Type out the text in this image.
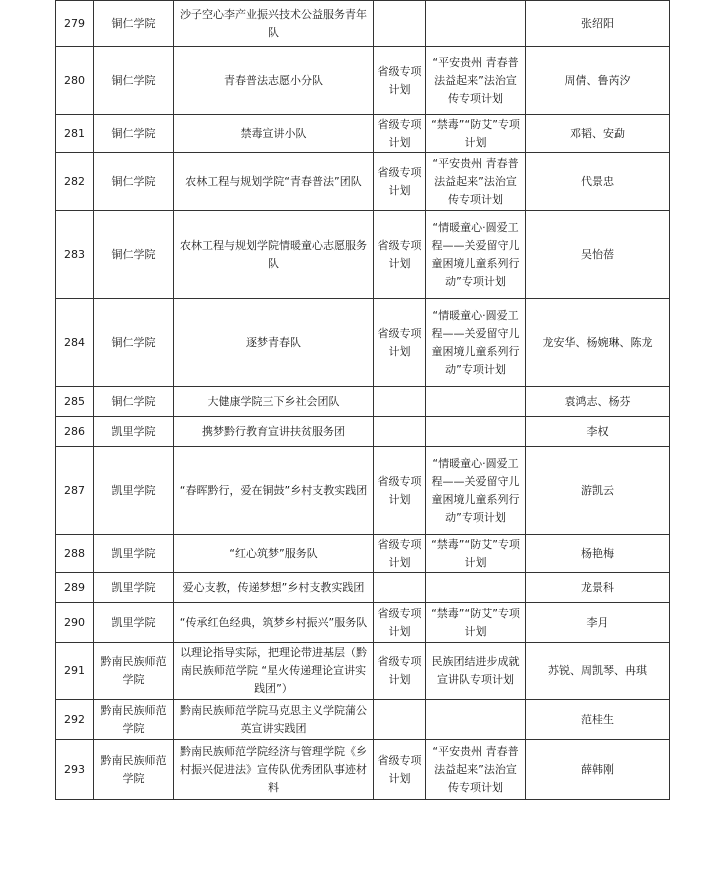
279	铜仁学院	沙子空心李产业振兴技术公益服务青年队			张绍阳
280	铜仁学院	青春普法志愿小分队	省级专项计划	“平安贵州 青春普法益起来”法治宣传专项计划	周倩、鲁芮汐
281	铜仁学院	禁毒宣讲小队	省级专项计划	“禁毒”“防艾”专项计划	邓韬、安勐
282	铜仁学院	农林工程与规划学院“青春普法”团队	省级专项计划	“平安贵州 青春普法益起来”法治宣传专项计划	代景忠
283	铜仁学院	农林工程与规划学院情暖童心志愿服务队	省级专项计划	“情暖童心·圆爱工程——关爱留守儿童困境儿童系列行动”专项计划	吴怡蓓
284	铜仁学院	逐梦青春队	省级专项计划	“情暖童心·圆爱工程——关爱留守儿童困境儿童系列行动”专项计划	龙安华、杨婉琳、陈龙
285	铜仁学院	大健康学院三下乡社会团队			袁鸿志、杨芬
286	凯里学院	携梦黔行教育宣讲扶贫服务团			李权
287	凯里学院	“春晖黔行，爱在铜鼓”乡村支教实践团	省级专项计划	“情暖童心·圆爱工程——关爱留守儿童困境儿童系列行动”专项计划	游凯云
288	凯里学院	“红心筑梦”服务队	省级专项计划	“禁毒”“防艾”专项计划	杨艳梅
289	凯里学院	爱心支教，传递梦想”乡村支教实践团			龙景科
290	凯里学院	“传承红色经典，筑梦乡村振兴”服务队	省级专项计划	“禁毒”“防艾”专项计划	李月
291	黔南民族师范学院	以理论指导实际，把理论带进基层（黔南民族师范学院 “星火传递理论宣讲实践团”）	省级专项计划	民族团结进步成就宣讲队专项计划	苏锐、周凯琴、冉琪
292	黔南民族师范学院	黔南民族师范学院马克思主义学院蒲公英宣讲实践团			范桂生
293	黔南民族师范学院	黔南民族师范学院经济与管理学院《乡村振兴促进法》宣传队优秀团队事迹材料	省级专项计划	“平安贵州 青春普法益起来”法治宣传专项计划	薛韩刚
